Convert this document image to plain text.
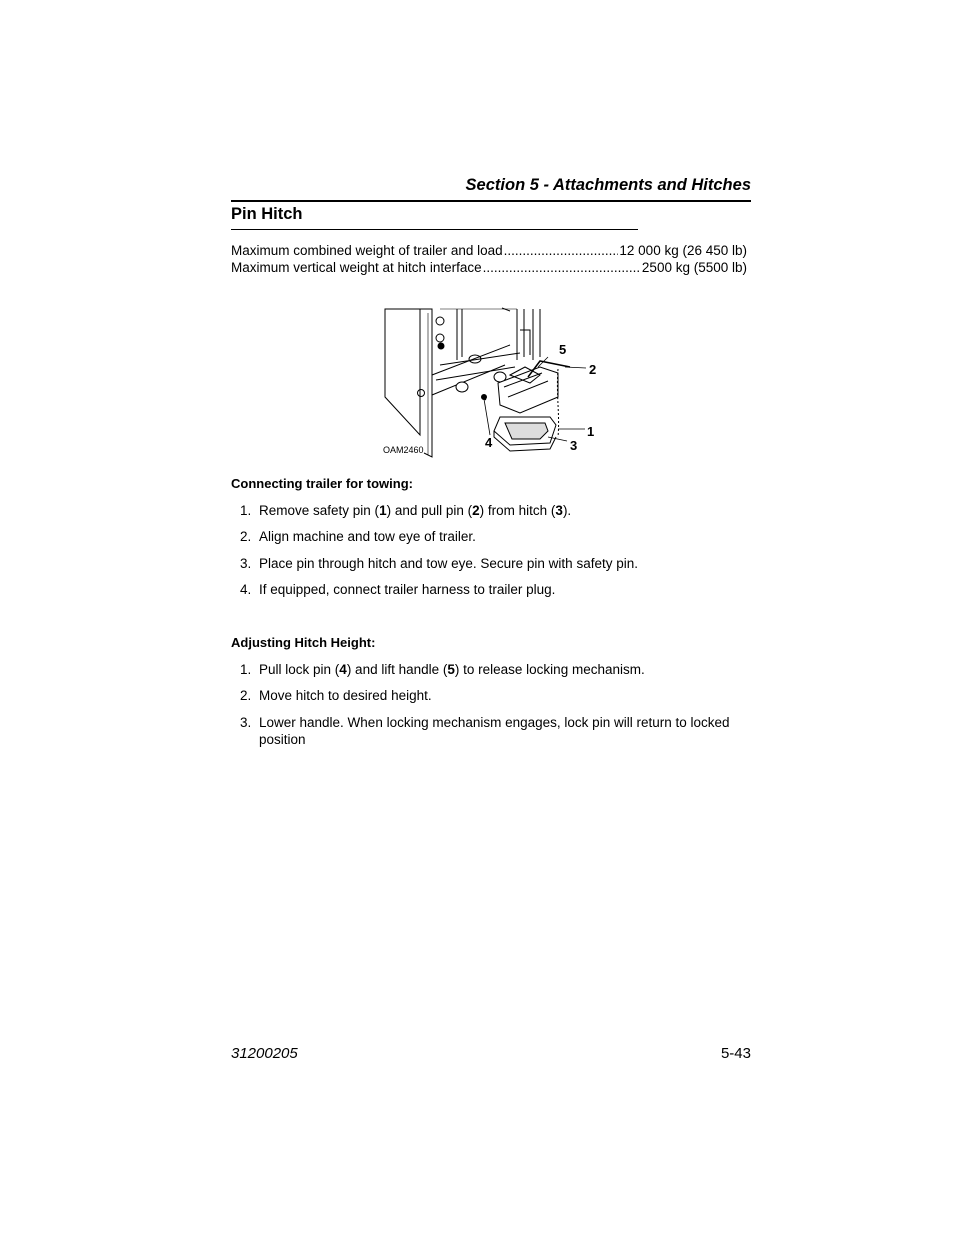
Section 5 - Attachments and Hitches
Pin Hitch
Maximum combined weight of trailer and load .....	12 000 kg (26 450 lb)
Maximum vertical weight at hitch interface .....	2500 kg (5500 lb)
5
2
1
3
4
OAM2460
Connecting trailer for towing:
1. Remove safety pin (1) and pull pin (2) from hitch (3).
2. Align machine and tow eye of trailer.
3. Place pin through hitch and tow eye. Secure pin with safety pin.
4. If equipped, connect trailer harness to trailer plug.
Adjusting Hitch Height:
1. Pull lock pin (4) and lift handle (5) to release locking mechanism.
2. Move hitch to desired height.
3. Lower handle. When locking mechanism engages, lock pin will return to locked position
31200205	5-43
